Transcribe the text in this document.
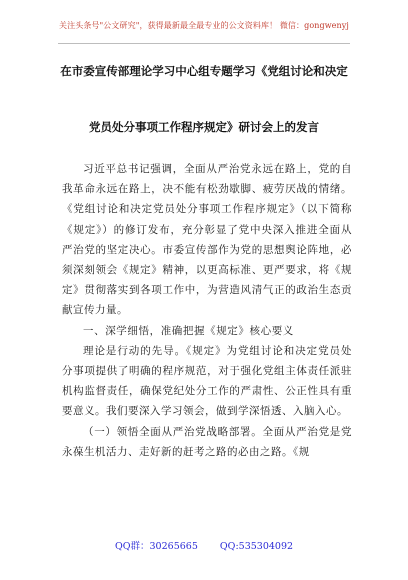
关注头条号"公文研究"，获得最新最全最专业的公文资料库！ 微信：gongwenyj
在市委宣传部理论学习中心组专题学习《党组讨论和决定
党员处分事项工作程序规定》研讨会上的发言

习近平总书记强调，全面从严治党永远在路上，党的自我革命永远在路上，决不能有松劲歇脚、疲劳厌战的情绪。《党组讨论和决定党员处分事项工作程序规定》（以下简称《规定》）的修订发布，充分彰显了党中央深入推进全面从严治党的坚定决心。市委宣传部作为党的思想舆论阵地，必须深刻领会《规定》精神，以更高标准、更严要求，将《规定》贯彻落实到各项工作中，为营造风清气正的政治生态贡献宣传力量。

一、深学细悟，准确把握《规定》核心要义

理论是行动的先导。《规定》为党组讨论和决定党员处分事项提供了明确的程序规范，对于强化党组主体责任派驻机构监督责任，确保党纪处分工作的严肃性、公正性具有重要意义。我们要深入学习领会，做到学深悟透、入脑入心。

（一）领悟全面从严治党战略部署。全面从严治党是党永葆生机活力、走好新的赶考之路的必由之路。《规

QQ群：30265665 QQ:535304092
